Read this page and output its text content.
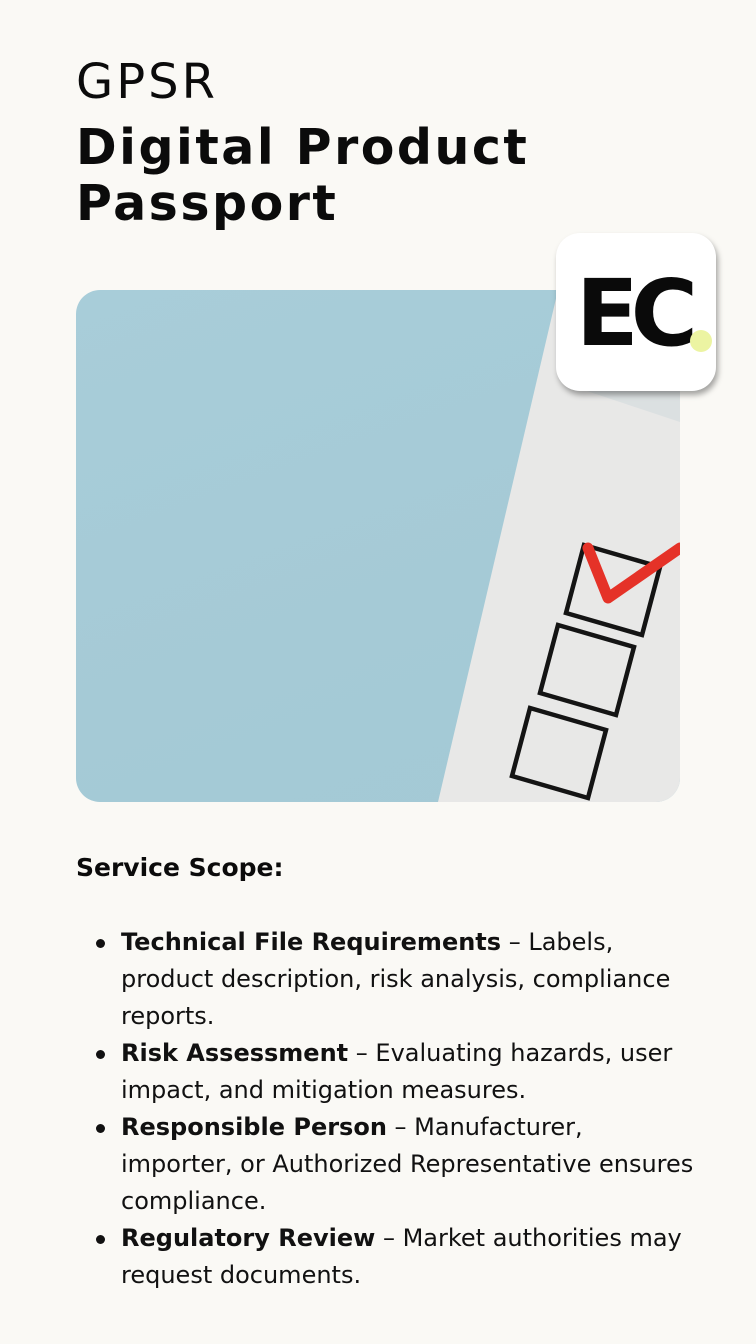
GPSR
Digital Product
Passport
EC
Service Scope:
Technical File Requirements – Labels, product description, risk analysis, compliance reports.
Risk Assessment – Evaluating hazards, user impact, and mitigation measures.
Responsible Person – Manufacturer, importer, or Authorized Representative ensures compliance.
Regulatory Review – Market authorities may request documents.
